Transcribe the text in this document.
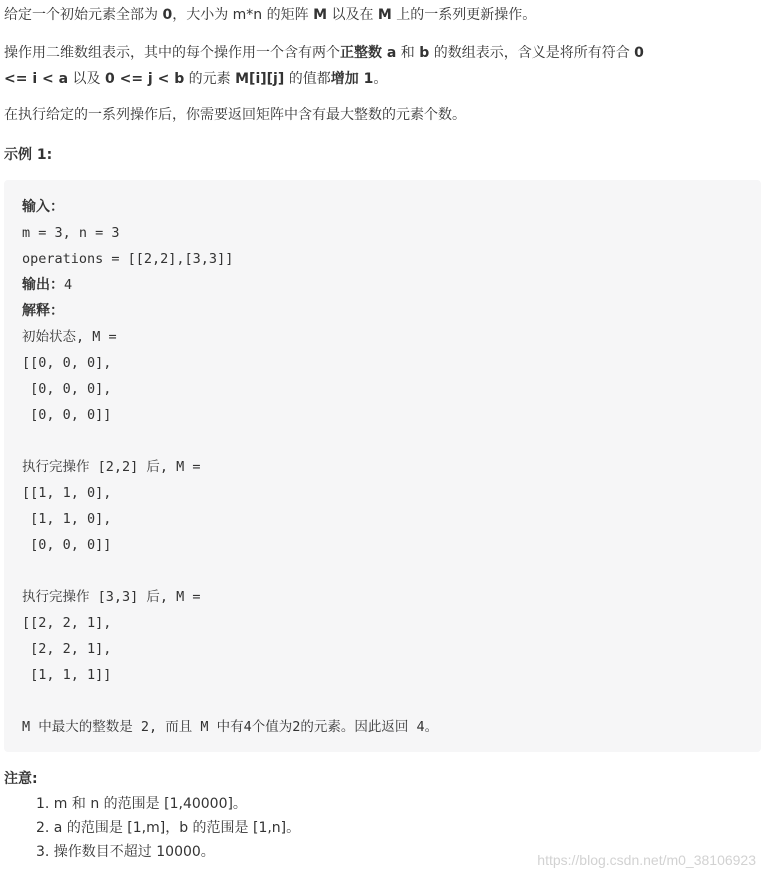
给定一个初始元素全部为 0，大小为 m*n 的矩阵 M 以及在 M 上的一系列更新操作。

操作用二维数组表示，其中的每个操作用一个含有两个正整数 a 和 b 的数组表示，含义是将所有符合 0
<= i < a 以及 0 <= j < b 的元素 M[i][j] 的值都增加 1。

在执行给定的一系列操作后，你需要返回矩阵中含有最大整数的元素个数。

示例 1:

输入：
m = 3, n = 3
operations = [[2,2],[3,3]]
输出：4
解释：
初始状态, M =
[[0, 0, 0],
[0, 0, 0],
[0, 0, 0]]

执行完操作 [2,2] 后, M =
[[1, 1, 0],
[1, 1, 0],
[0, 0, 0]]

执行完操作 [3,3] 后, M =
[[2, 2, 1],
[2, 2, 1],
[1, 1, 1]]

M 中最大的整数是 2, 而且 M 中有4个值为2的元素。因此返回 4。

注意:

1. m 和 n 的范围是 [1,40000]。
2. a 的范围是 [1,m]，b 的范围是 [1,n]。
3. 操作数目不超过 10000。	https://blog.csdn.net/m0_38106923
